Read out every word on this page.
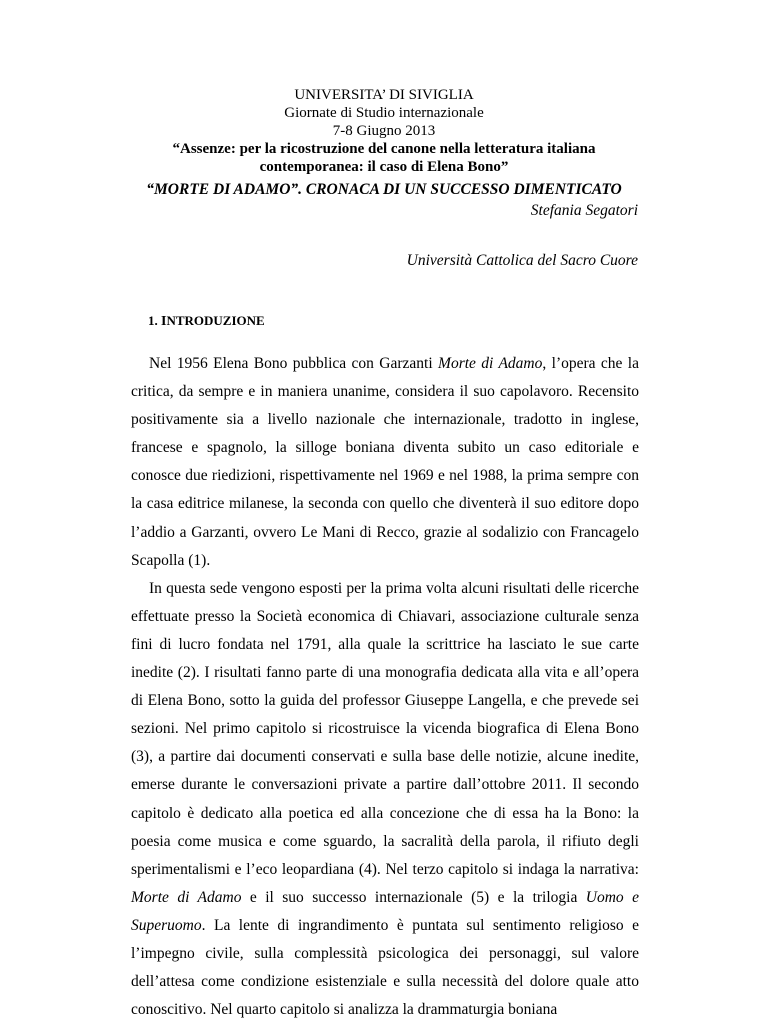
UNIVERSITA’ DI SIVIGLIA
Giornate di Studio internazionale
7-8 Giugno 2013
“Assenze: per la ricostruzione del canone nella letteratura italiana
contemporanea: il caso di Elena Bono”
“MORTE DI ADAMO”. CRONACA DI UN SUCCESSO DIMENTICATO
Stefania Segatori
Università Cattolica del Sacro Cuore
1. INTRODUZIONE

Nel 1956 Elena Bono pubblica con Garzanti Morte di Adamo, l’opera che la critica, da sempre e in maniera unanime, considera il suo capolavoro. Recensito positivamente sia a livello nazionale che internazionale, tradotto in inglese, francese e spagnolo, la silloge boniana diventa subito un caso editoriale e conosce due riedizioni, rispettivamente nel 1969 e nel 1988, la prima sempre con la casa editrice milanese, la seconda con quello che diventerà il suo editore dopo l’addio a Garzanti, ovvero Le Mani di Recco, grazie al sodalizio con Francagelo Scapolla (1).

In questa sede vengono esposti per la prima volta alcuni risultati delle ricerche effettuate presso la Società economica di Chiavari, associazione culturale senza fini di lucro fondata nel 1791, alla quale la scrittrice ha lasciato le sue carte inedite (2). I risultati fanno parte di una monografia dedicata alla vita e all’opera di Elena Bono, sotto la guida del professor Giuseppe Langella, e che prevede sei sezioni. Nel primo capitolo si ricostruisce la vicenda biografica di Elena Bono (3), a partire dai documenti conservati e sulla base delle notizie, alcune inedite, emerse durante le conversazioni private a partire dall’ottobre 2011. Il secondo capitolo è dedicato alla poetica ed alla concezione che di essa ha la Bono: la poesia come musica e come sguardo, la sacralità della parola, il rifiuto degli sperimentalismi e l’eco leopardiana (4). Nel terzo capitolo si indaga la narrativa: Morte di Adamo e il suo successo internazionale (5) e la trilogia Uomo e Superuomo. La lente di ingrandimento è puntata sul sentimento religioso e l’impegno civile, sulla complessità psicologica dei personaggi, sul valore dell’attesa come condizione esistenziale e sulla necessità del dolore quale atto conoscitivo. Nel quarto capitolo si analizza la drammaturgia boniana
